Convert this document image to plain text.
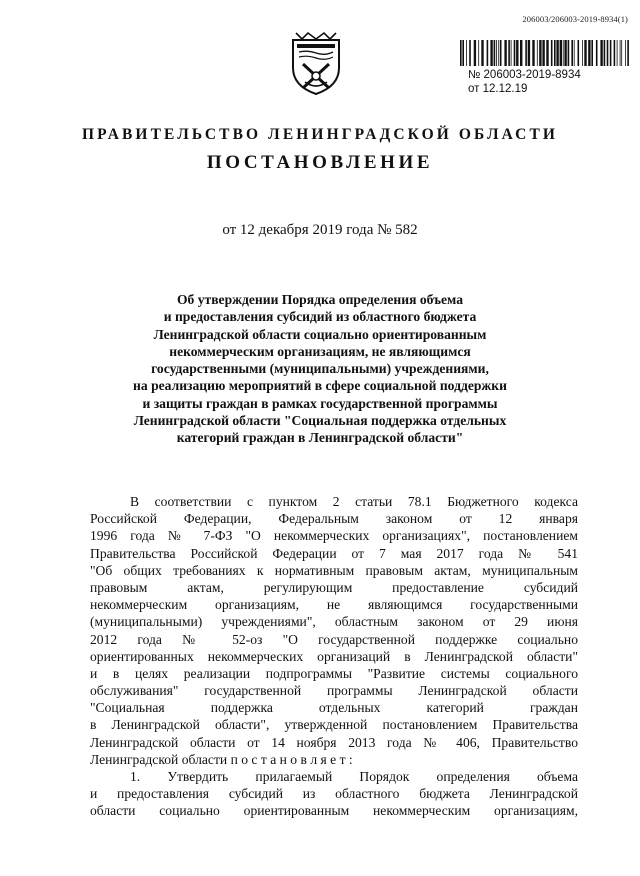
206003/206003-2019-8934(1)
№ 206003-2019-8934
от 12.12.19
ПРАВИТЕЛЬСТВО ЛЕНИНГРАДСКОЙ ОБЛАСТИ
ПОСТАНОВЛЕНИЕ
от 12 декабря 2019 года № 582
Об утверждении Порядка определения объема
и предоставления субсидий из областного бюджета
Ленинградской области социально ориентированным
некоммерческим организациям, не являющимся
государственными (муниципальными) учреждениями,
на реализацию мероприятий в сфере социальной поддержки
и защиты граждан в рамках государственной программы
Ленинградской области "Социальная поддержка отдельных
категорий граждан в Ленинградской области"
В соответствии с пунктом 2 статьи 78.1 Бюджетного кодекса
Российской Федерации, Федеральным законом от 12 января
1996 года № 7-ФЗ "О некоммерческих организациях", постановлением
Правительства Российской Федерации от 7 мая 2017 года № 541
"Об общих требованиях к нормативным правовым актам, муниципальным
правовым актам, регулирующим предоставление субсидий
некоммерческим организациям, не являющимся государственными
(муниципальными) учреждениями", областным законом от 29 июня
2012 года № 52-оз "О государственной поддержке социально
ориентированных некоммерческих организаций в Ленинградской области"
и в целях реализации подпрограммы "Развитие системы социального
обслуживания" государственной программы Ленинградской области
"Социальная поддержка отдельных категорий граждан
в Ленинградской области", утвержденной постановлением Правительства
Ленинградской области от 14 ноября 2013 года № 406, Правительство
Ленинградской области п о с т а н о в л я е т :
1. Утвердить прилагаемый Порядок определения объема
и предоставления субсидий из областного бюджета Ленинградской
области социально ориентированным некоммерческим организациям,
